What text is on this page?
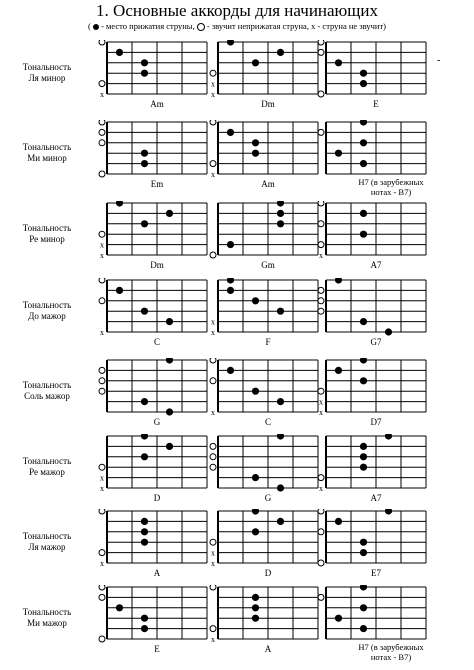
1. Основные аккорды для начинающих
(  - место прижатия струны,  - звучит неприжатая струна, x - струна не звучит)
-
Тональность
Ля минор
x
Am
x
x
Dm	E
Тональность
Ми минор
Em
x
Am	H7 (в зарубежных нотах - B7)
Тональность
Ре минор
x
x
Dm	Gm
x
A7
Тональность
До мажор
x
C
x
x
F	G7
Тональность
Соль мажор
G
x
C
x
x
D7
Тональность
Ре мажор
x
x
D	G
x
A7
Тональность
Ля мажор
x
A
x
x
D	E7
Тональность
Ми мажор
E
x
A	H7 (в зарубежных нотах - B7)
